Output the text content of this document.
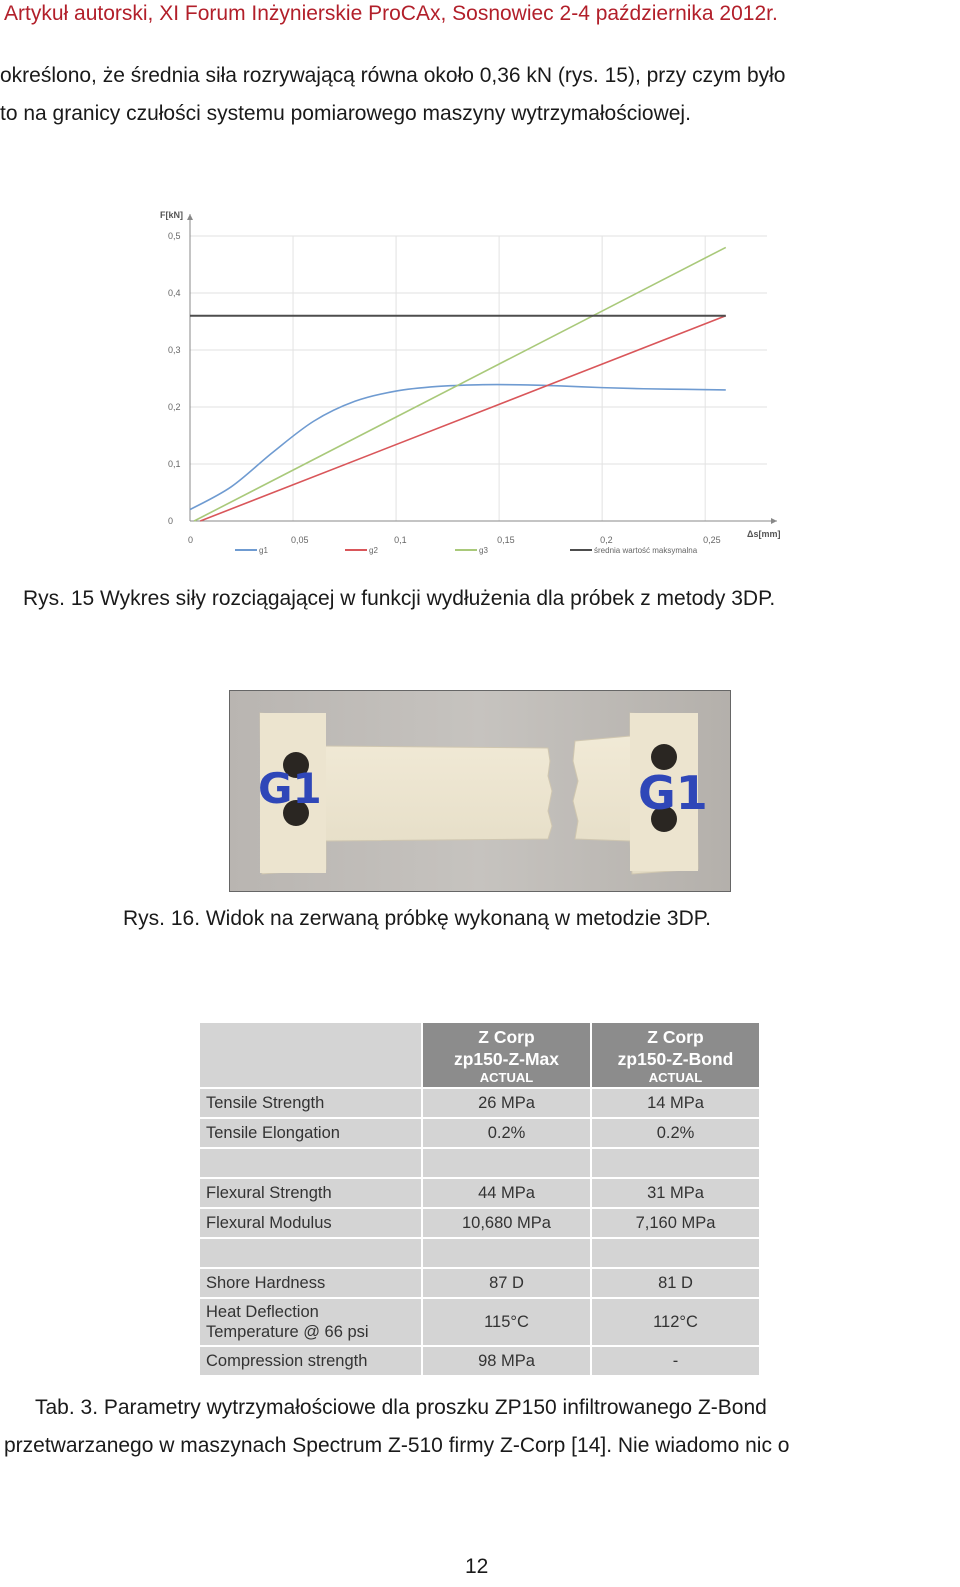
Artykuł autorski, XI Forum Inżynierskie ProCAx, Sosnowiec 2-4 października 2012r.
określono, że średnia siła rozrywającą równa około 0,36 kN (rys. 15), przy czym było
to na granicy czułości systemu pomiarowego maszyny wytrzymałościowej.
0	0,05	0,1	0,15	0,2	0,25
0
0,1
0,2
0,3
0,4
0,5
F[kN]
Δs[mm]
g1	g2	g3	średnia wartość maksymalna
Rys. 15 Wykres siły rozciągającej w funkcji wydłużenia dla próbek z metody 3DP.
G1	G1
Rys. 16. Widok na zerwaną próbkę wykonaną w metodzie 3DP.
	Z Corp
zp150-Z-Max
ACTUAL	Z Corp
zp150-Z-Bond
ACTUAL

Tensile Strength	26 MPa	14 MPa
Tensile Elongation	0.2%	0.2%

Flexural Strength	44 MPa	31 MPa
Flexural Modulus	10,680 MPa	7,160 MPa

Shore Hardness	87 D	81 D
Heat Deflection Temperature @ 66 psi	115°C	112°C
Compression strength	98 MPa	-
Tab. 3. Parametry wytrzymałościowe dla proszku ZP150 infiltrowanego Z-Bond
przetwarzanego w maszynach Spectrum Z-510 firmy Z-Corp [14]. Nie wiadomo nic o
12
